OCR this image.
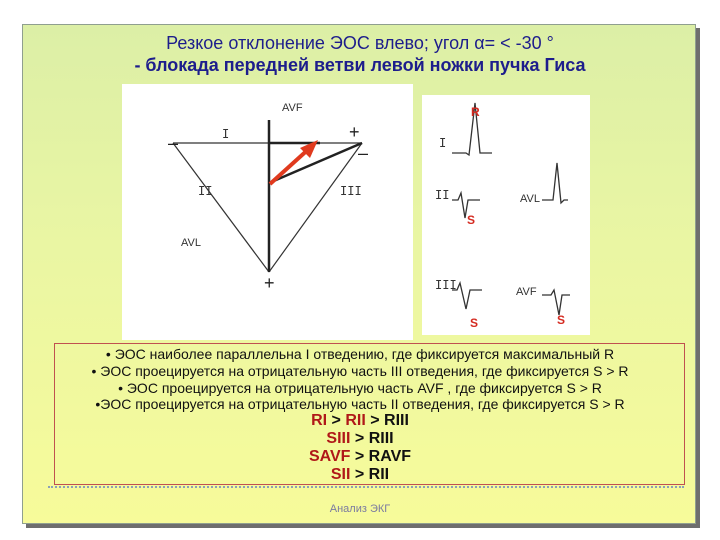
Резкое отклонение ЭОС влево; угол α= < -30 °
- блокада передней ветви левой ножки пучка Гиса
AVF
I
II	III
AVL
+
+
–	–
R
I
II	AVL
S
III	AVF
S	S
• ЭОС наиболее параллельна I отведению, где фиксируется максимальный R
• ЭОС проецируется на отрицательную часть III отведения, где фиксируется S > R
• ЭОС проецируется на отрицательную часть AVF , где фиксируется S > R
•ЭОС проецируется на отрицательную часть II отведения, где фиксируется S > R
RI > RII > RIII
SIII > RIII
SAVF > RAVF
SII > RII
Анализ ЭКГ
